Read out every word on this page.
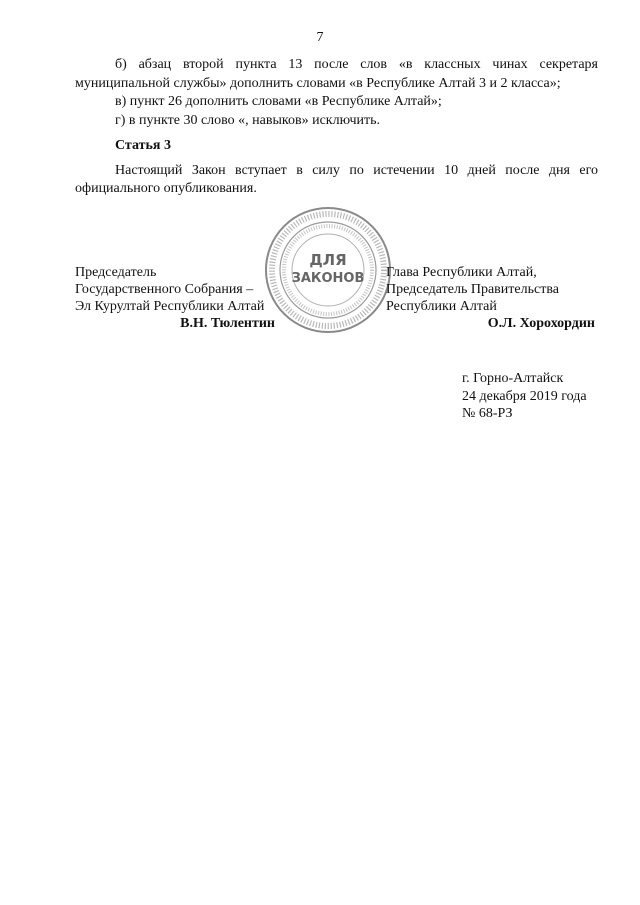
7

б) абзац второй пункта 13 после слов «в классных чинах секретаря муниципальной службы» дополнить словами «в Республике Алтай 3 и 2 класса»;

в) пункт 26 дополнить словами «в Республике Алтай»;

г) в пункте 30 слово «, навыков» исключить.

Статья 3

Настоящий Закон вступает в силу по истечении 10 дней после дня его официального опубликования.

ДЛЯ
ЗАКОНОВ
Председатель
Государственного Собрания –
Эл Курултай Республики Алтай
В.Н. Тюлентин
Глава Республики Алтай,
Председатель Правительства
Республики Алтай
О.Л. Хорохордин
г. Горно-Алтайск
24 декабря 2019 года
№ 68-РЗ
